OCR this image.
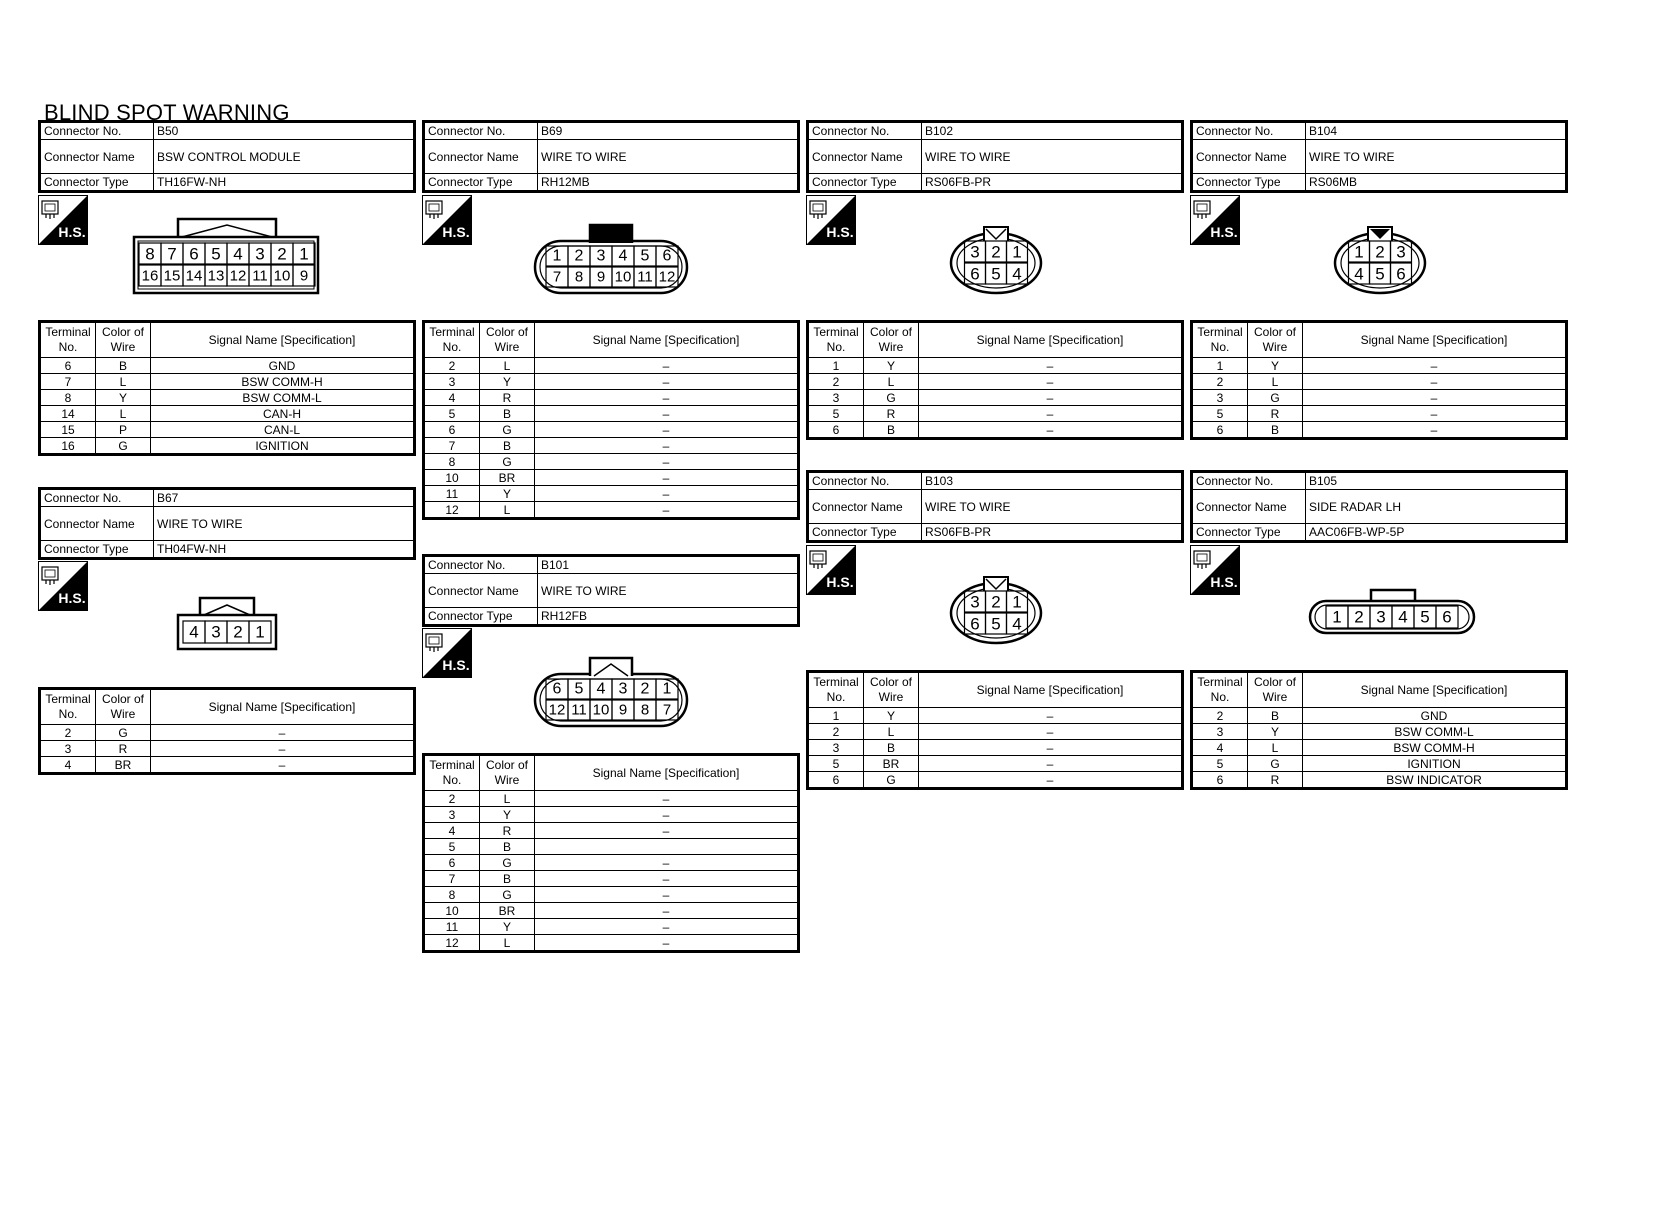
BLIND SPOT WARNING
Connector No.	B50
Connector Name	BSW CONTROL MODULE
Connector Type	TH16FW-NH
H.S.
8 7 6 5 4 3 2 1
16 15 14 13 12 11 10 9
Terminal No.	Color of Wire	Signal Name [Specification]
6	B	GND
7	L	BSW COMM-H
8	Y	BSW COMM-L
14	L	CAN-H
15	P	CAN-L
16	G	IGNITION
Connector No.	B67
Connector Name	WIRE TO WIRE
Connector Type	TH04FW-NH
H.S.
4 3 2 1
Terminal No.	Color of Wire	Signal Name [Specification]
2	G	–
3	R	–
4	BR	–
Connector No.	B69
Connector Name	WIRE TO WIRE
Connector Type	RH12MB
H.S.
1 2 3 4 5 6
7 8 9 10 11 12
Terminal No.	Color of Wire	Signal Name [Specification]
2	L	–
3	Y	–
4	R	–
5	B	–
6	G	–
7	B	–
8	G	–
10	BR	–
11	Y	–
12	L	–
Connector No.	B101
Connector Name	WIRE TO WIRE
Connector Type	RH12FB
H.S.
6 5 4 3 2 1
12 11 10 9 8 7
Terminal No.	Color of Wire	Signal Name [Specification]
2	L	–
3	Y	–
4	R	–
5	B	
6	G	–
7	B	–
8	G	–
10	BR	–
11	Y	–
12	L	–
Connector No.	B102
Connector Name	WIRE TO WIRE
Connector Type	RS06FB-PR
H.S.
3 2 1
6 5 4
Terminal No.	Color of Wire	Signal Name [Specification]
1	Y	–
2	L	–
3	G	–
5	R	–
6	B	–
Connector No.	B103
Connector Name	WIRE TO WIRE
Connector Type	RS06FB-PR
H.S.
3 2 1
6 5 4
Terminal No.	Color of Wire	Signal Name [Specification]
1	Y	–
2	L	–
3	B	–
5	BR	–
6	G	–
Connector No.	B104
Connector Name	WIRE TO WIRE
Connector Type	RS06MB
H.S.
1 2 3
4 5 6
Terminal No.	Color of Wire	Signal Name [Specification]
1	Y	–
2	L	–
3	G	–
5	R	–
6	B	–
Connector No.	B105
Connector Name	SIDE RADAR LH
Connector Type	AAC06FB-WP-5P
H.S.
1 2 3 4 5 6
Terminal No.	Color of Wire	Signal Name [Specification]
2	B	GND
3	Y	BSW COMM-L
4	L	BSW COMM-H
5	G	IGNITION
6	R	BSW INDICATOR
